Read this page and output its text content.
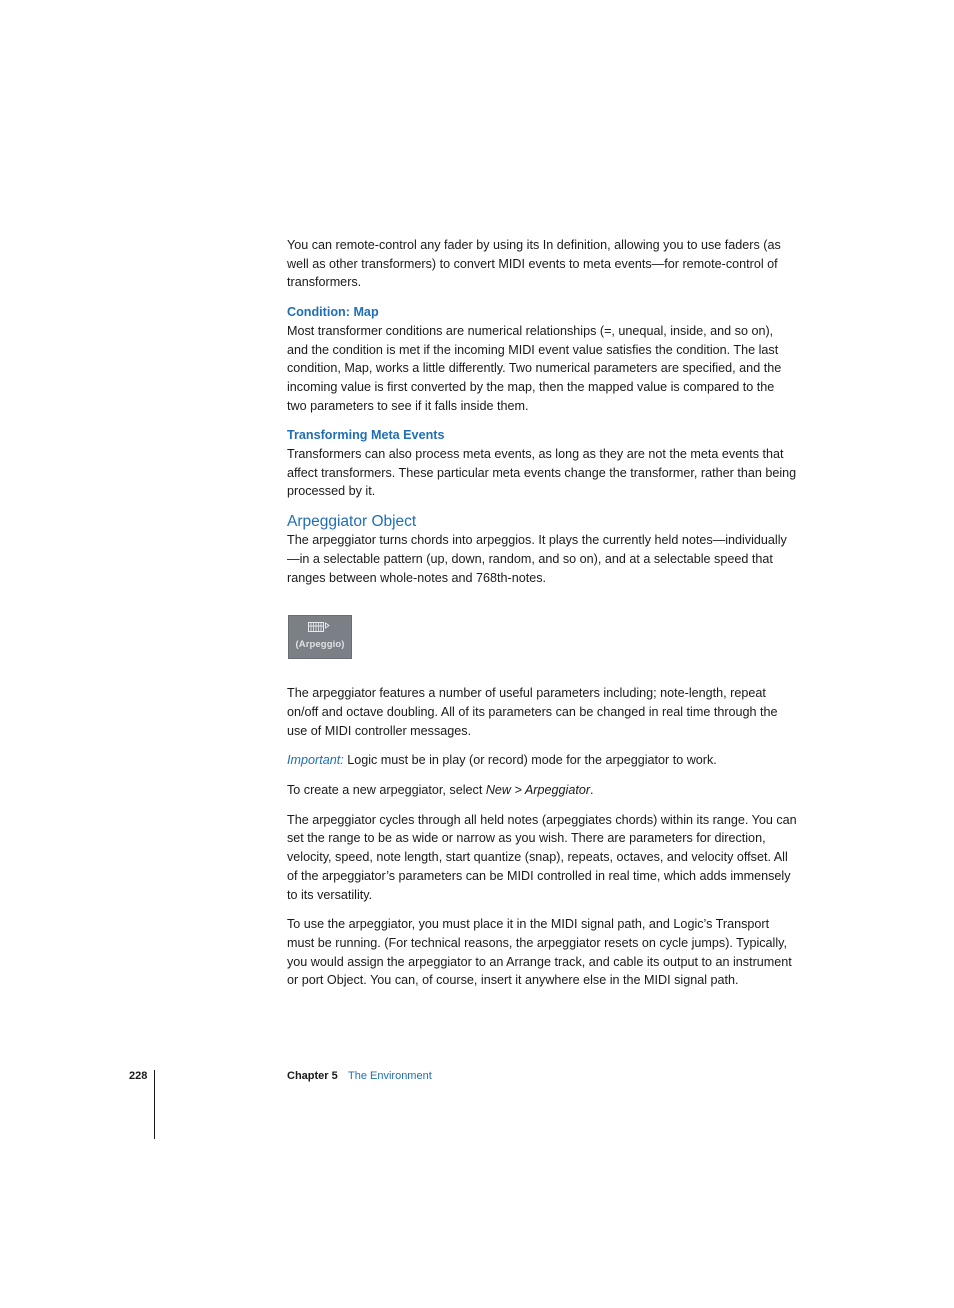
You can remote-control any fader by using its In definition, allowing you to use faders (as well as other transformers) to convert MIDI events to meta events—for remote-control of transformers.

Condition: Map

Most transformer conditions are numerical relationships (=, unequal, inside, and so on), and the condition is met if the incoming MIDI event value satisfies the condition. The last condition, Map, works a little differently. Two numerical parameters are specified, and the incoming value is first converted by the map, then the mapped value is compared to the two parameters to see if it falls inside them.

Transforming Meta Events

Transformers can also process meta events, as long as they are not the meta events that affect transformers. These particular meta events change the transformer, rather than being processed by it.

Arpeggiator Object

The arpeggiator turns chords into arpeggios. It plays the currently held notes—individually—in a selectable pattern (up, down, random, and so on), and at a selectable speed that ranges between whole-notes and 768th-notes.

(Arpeggio)

The arpeggiator features a number of useful parameters including; note-length, repeat on/off and octave doubling. All of its parameters can be changed in real time through the use of MIDI controller messages.

Important: Logic must be in play (or record) mode for the arpeggiator to work.

To create a new arpeggiator, select New > Arpeggiator.

The arpeggiator cycles through all held notes (arpeggiates chords) within its range. You can set the range to be as wide or narrow as you wish. There are parameters for direction, velocity, speed, note length, start quantize (snap), repeats, octaves, and velocity offset. All of the arpeggiator’s parameters can be MIDI controlled in real time, which adds immensely to its versatility.

To use the arpeggiator, you must place it in the MIDI signal path, and Logic’s Transport must be running. (For technical reasons, the arpeggiator resets on cycle jumps). Typically, you would assign the arpeggiator to an Arrange track, and cable its output to an instrument or port Object. You can, of course, insert it anywhere else in the MIDI signal path.

228	Chapter 5 The Environment
